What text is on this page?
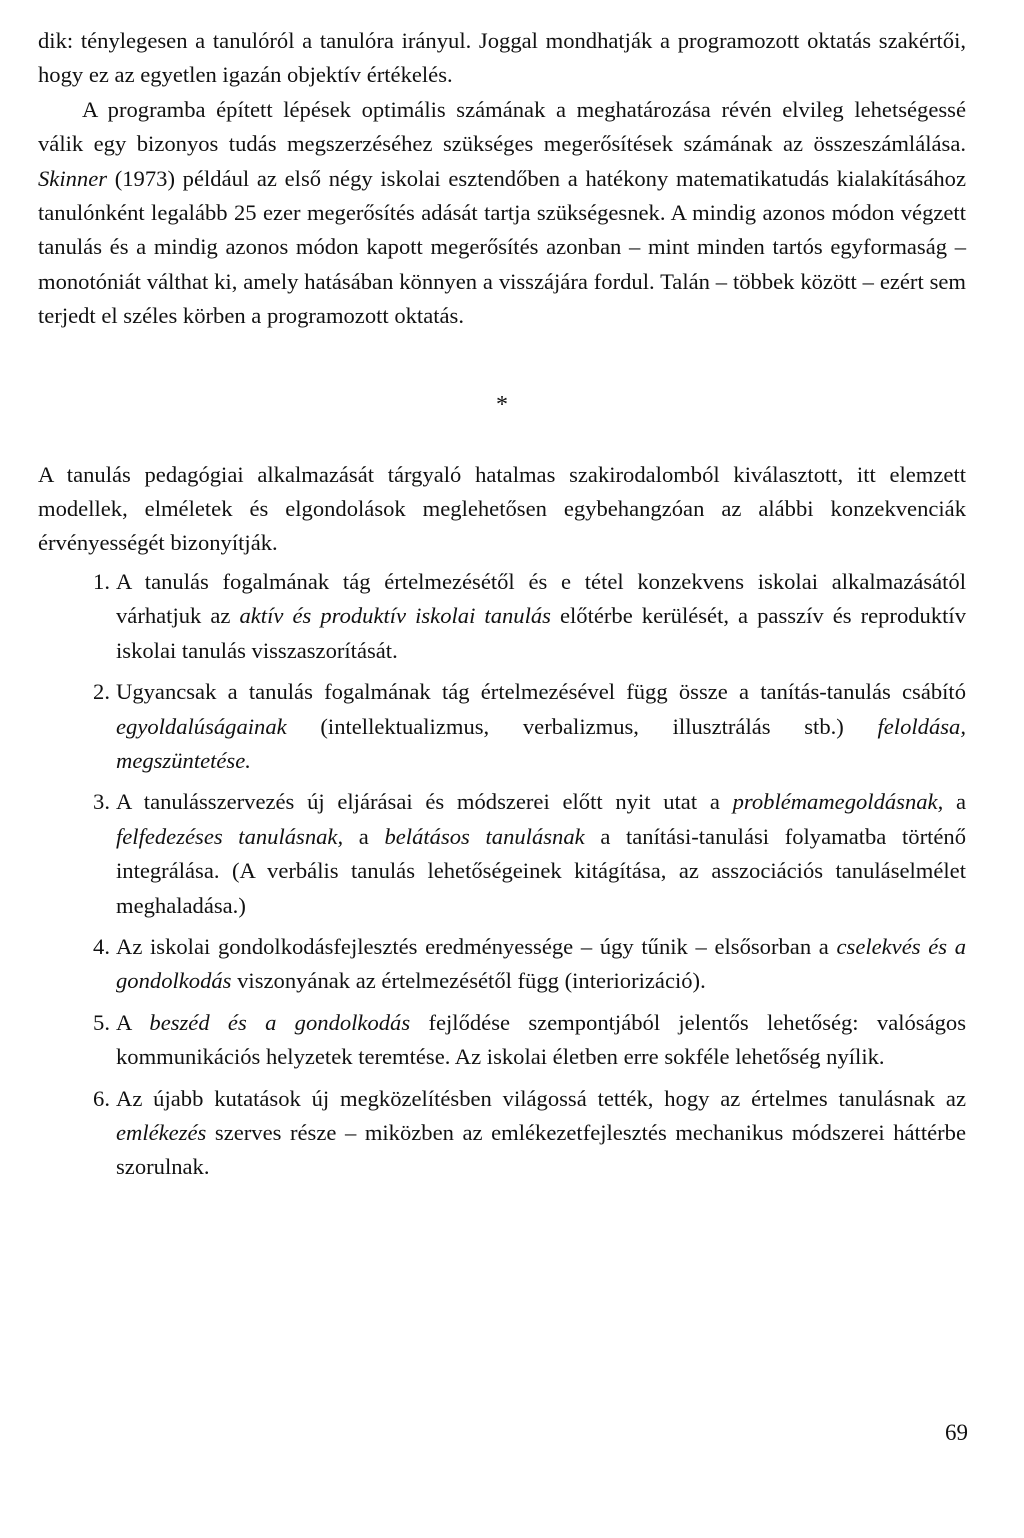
dik: ténylegesen a tanulóról a tanulóra irányul. Joggal mondhatják a programozott oktatás szakértői, hogy ez az egyetlen igazán objektív értékelés.

A programba épített lépések optimális számának a meghatározása révén elvileg lehetségessé válik egy bizonyos tudás megszerzéséhez szükséges megerősítések számának az összeszámlálása. Skinner (1973) például az első négy iskolai esztendőben a hatékony matematikatudás kialakításához tanulónként legalább 25 ezer megerősítés adását tartja szükségesnek. A mindig azonos módon végzett tanulás és a mindig azonos módon kapott megerősítés azonban – mint minden tartós egyformaság – monotóniát válthat ki, amely hatásában könnyen a visszájára fordul. Talán – többek között – ezért sem terjedt el széles körben a programozott oktatás.

*

A tanulás pedagógiai alkalmazását tárgyaló hatalmas szakirodalomból kiválasztott, itt elemzett modellek, elméletek és elgondolások meglehetősen egybehangzóan az alábbi konzekvenciák érvényességét bizonyítják.

1. A tanulás fogalmának tág értelmezésétől és e tétel konzekvens iskolai alkalmazásától várhatjuk az aktív és produktív iskolai tanulás előtérbe kerülését, a passzív és reproduktív iskolai tanulás visszaszorítását.
2. Ugyancsak a tanulás fogalmának tág értelmezésével függ össze a tanítás-tanulás csábító egyoldalúságainak (intellektualizmus, verbalizmus, illusztrálás stb.) feloldása, megszüntetése.
3. A tanulásszervezés új eljárásai és módszerei előtt nyit utat a problémamegoldásnak, a felfedezéses tanulásnak, a belátásos tanulásnak a tanítási-tanulási folyamatba történő integrálása. (A verbális tanulás lehetőségeinek kitágítása, az asszociációs tanuláselmélet meghaladása.)
4. Az iskolai gondolkodásfejlesztés eredményessége – úgy tűnik – elsősorban a cselekvés és a gondolkodás viszonyának az értelmezésétől függ (interiorizáció).
5. A beszéd és a gondolkodás fejlődése szempontjából jelentős lehetőség: valóságos kommunikációs helyzetek teremtése. Az iskolai életben erre sokféle lehetőség nyílik.
6. Az újabb kutatások új megközelítésben világossá tették, hogy az értelmes tanulásnak az emlékezés szerves része – miközben az emlékezetfejlesztés mechanikus módszerei háttérbe szorulnak.
69
